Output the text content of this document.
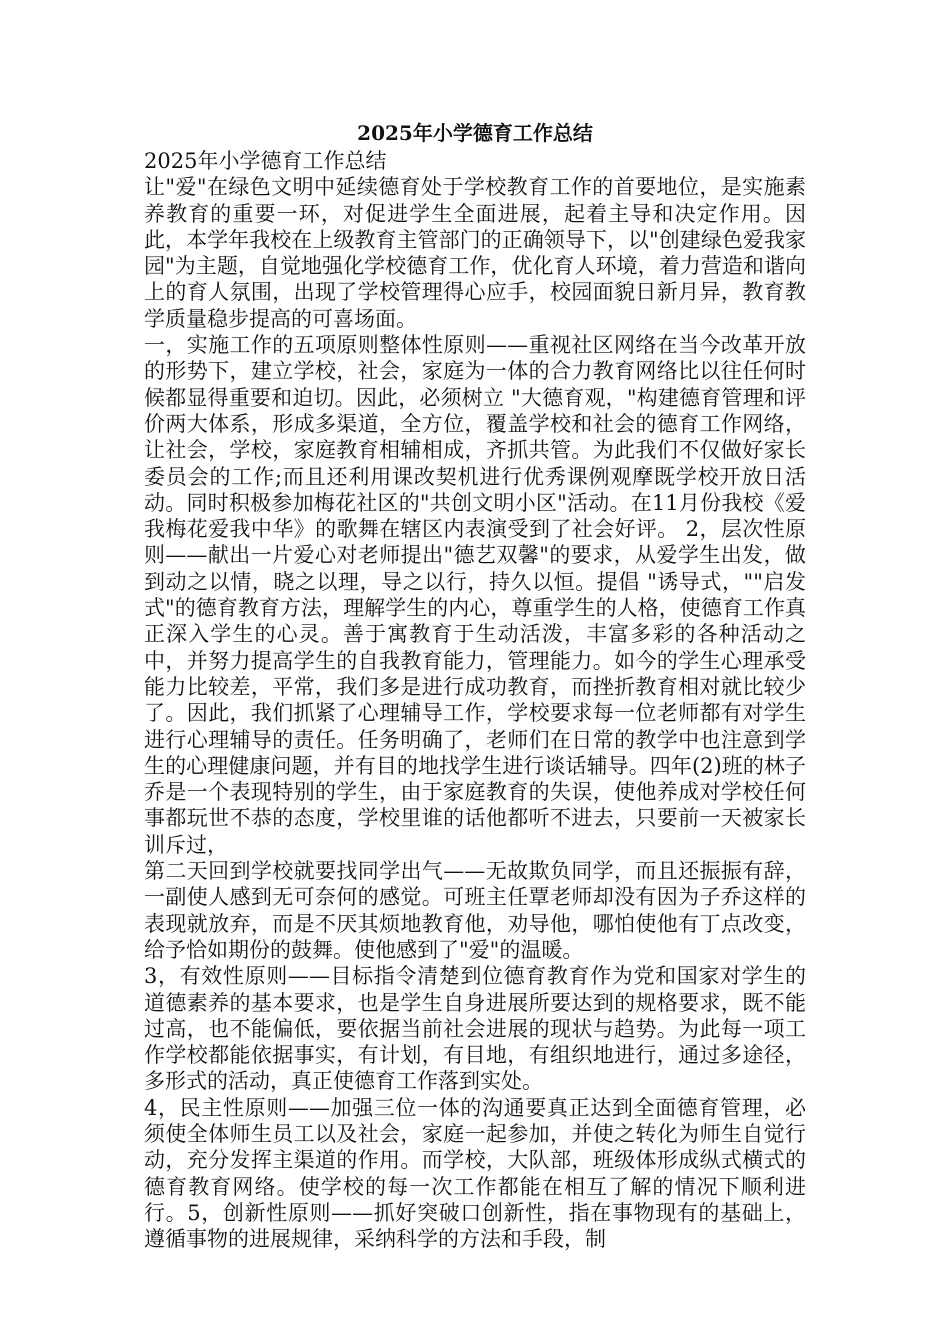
2025年小学德育工作总结

2025年小学德育工作总结

让"爱"在绿色文明中延续德育处于学校教育工作的首要地位，是实施素养教育的重要一环，对促进学生全面进展，起着主导和决定作用。因此，本学年我校在上级教育主管部门的正确领导下，以"创建绿色爱我家园"为主题，自觉地强化学校德育工作，优化育人环境，着力营造和谐向上的育人氛围，出现了学校管理得心应手，校园面貌日新月异，教育教学质量稳步提高的可喜场面。

一，实施工作的五项原则整体性原则——重视社区网络在当今改革开放的形势下，建立学校，社会，家庭为一体的合力教育网络比以往任何时候都显得重要和迫切。因此，必须树立 "大德育观，"构建德育管理和评价两大体系，形成多渠道，全方位，覆盖学校和社会的德育工作网络，让社会，学校，家庭教育相辅相成，齐抓共管。为此我们不仅做好家长委员会的工作;而且还利用课改契机进行优秀课例观摩既学校开放日活动。同时积极参加梅花社区的"共创文明小区"活动。在11月份我校《爱我梅花爱我中华》的歌舞在辖区内表演受到了社会好评。 2，层次性原则——献出一片爱心对老师提出"德艺双馨"的要求，从爱学生出发，做到动之以情，晓之以理，导之以行，持久以恒。提倡 "诱导式，""启发式"的德育教育方法，理解学生的内心，尊重学生的人格，使德育工作真正深入学生的心灵。善于寓教育于生动活泼，丰富多彩的各种活动之中，并努力提高学生的自我教育能力，管理能力。如今的学生心理承受能力比较差，平常，我们多是进行成功教育，而挫折教育相对就比较少了。因此，我们抓紧了心理辅导工作，学校要求每一位老师都有对学生进行心理辅导的责任。任务明确了，老师们在日常的教学中也注意到学生的心理健康问题，并有目的地找学生进行谈话辅导。四年(2)班的林子乔是一个表现特别的学生，由于家庭教育的失误，使他养成对学校任何事都玩世不恭的态度，学校里谁的话他都听不进去，只要前一天被家长训斥过，

第二天回到学校就要找同学出气——无故欺负同学，而且还振振有辞，一副使人感到无可奈何的感觉。可班主任覃老师却没有因为子乔这样的表现就放弃，而是不厌其烦地教育他，劝导他，哪怕使他有丁点改变，给予恰如期份的鼓舞。使他感到了"爱"的温暖。

3，有效性原则——目标指令清楚到位德育教育作为党和国家对学生的道德素养的基本要求，也是学生自身进展所要达到的规格要求，既不能过高，也不能偏低，要依据当前社会进展的现状与趋势。为此每一项工作学校都能依据事实，有计划，有目地，有组织地进行，通过多途径，多形式的活动，真正使德育工作落到实处。

4，民主性原则——加强三位一体的沟通要真正达到全面德育管理，必须使全体师生员工以及社会，家庭一起参加，并使之转化为师生自觉行动，充分发挥主渠道的作用。而学校，大队部，班级体形成纵式横式的德育教育网络。使学校的每一次工作都能在相互了解的情况下顺利进行。5，创新性原则——抓好突破口创新性，指在事物现有的基础上，遵循事物的进展规律，采纳科学的方法和手段，制
